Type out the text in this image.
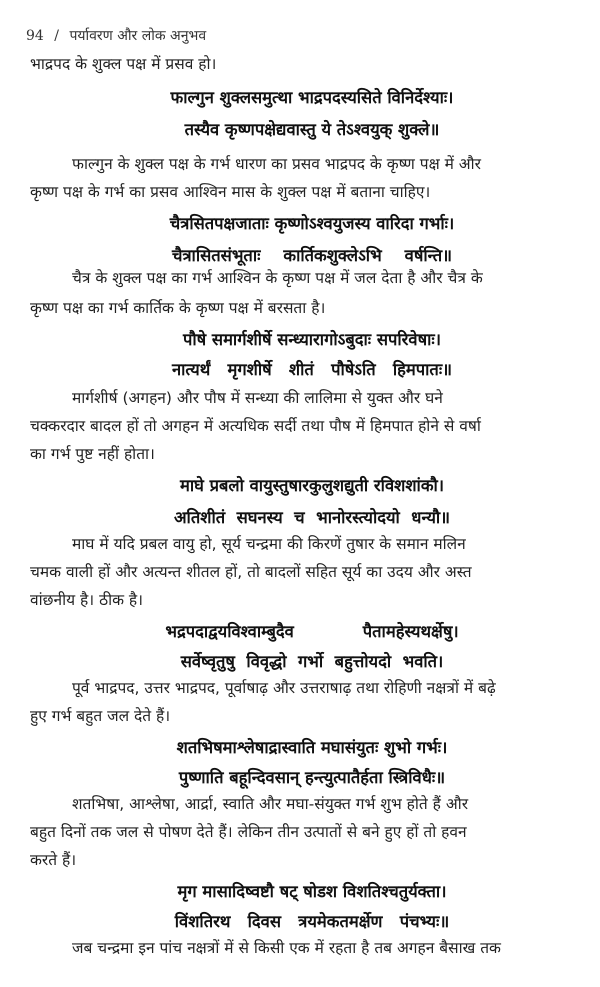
94 / पर्यावरण और लोक अनुभव
भाद्रपद के शुक्ल पक्ष में प्रसव हो।
फाल्गुन शुक्लसमुत्था भाद्रपदस्यसिते विनिर्देश्याः।
तस्यैव कृष्णपक्षेद्यवास्तु ये तेऽश्वयुक् शुक्ले॥
फाल्गुन के शुक्ल पक्ष के गर्भ धारण का प्रसव भाद्रपद के कृष्ण पक्ष में और
कृष्ण पक्ष के गर्भ का प्रसव आश्विन मास के शुक्ल पक्ष में बताना चाहिए।
चैत्रसितपक्षजाताः कृष्णोऽश्वयुजस्य वारिदा गर्भाः।
चैत्रासितसंभूताः    कार्तिकशुक्लेऽभि    वर्षन्ति॥
चैत्र के शुक्ल पक्ष का गर्भ आश्विन के कृष्ण पक्ष में जल देता है और चैत्र के
कृष्ण पक्ष का गर्भ कार्तिक के कृष्ण पक्ष में बरसता है।
पौषे समार्गशीर्षे सन्ध्यारागोऽबुदाः सपरिवेषाः।
नात्यर्थं   मृगशीर्षे   शीतं   पौषेऽति   हिमपातः॥
मार्गशीर्ष (अगहन) और पौष में सन्ध्या की लालिमा से युक्त और घने
चक्करदार बादल हों तो अगहन में अत्यधिक सर्दी तथा पौष में हिमपात होने से वर्षा
का गर्भ पुष्ट नहीं होता।
माघे प्रबलो वायुस्तुषारकुलुशद्युती रविशशांकौ।
अतिशीतं  सघनस्य  च  भानोरस्त्योदयो  धन्यौ॥
माघ में यदि प्रबल वायु हो, सूर्य चन्द्रमा की किरणें तुषार के समान मलिन
चमक वाली हों और अत्यन्त शीतल हों, तो बादलों सहित सूर्य का उदय और अस्त
वांछनीय है। ठीक है।
भद्रपदाद्वयविश्वाम्बुदैव            पैतामहेस्यथर्क्षेषु।
सर्वेष्वृतुषु  विवृद्धो  गर्भो  बहुत्तोयदो  भवति।
पूर्व भाद्रपद, उत्तर भाद्रपद, पूर्वाषाढ़ और उत्तराषाढ़ तथा रोहिणी नक्षत्रों में बढ़े
हुए गर्भ बहुत जल देते हैं।
शतभिषमाश्लेषाद्रास्वाति मघासंयुतः शुभो गर्भः।
पुष्णाति बहून्दिवसान् हन्त्युत्पातैर्हता स्त्रिविधैः॥
शतभिषा, आश्लेषा, आर्द्रा, स्वाति और मघा-संयुक्त गर्भ शुभ होते हैं और
बहुत दिनों तक जल से पोषण देते हैं। लेकिन तीन उत्पातों से बने हुए हों तो हवन
करते हैं।
मृग मासादिष्वष्टौ षट् षोडश विशतिश्चतुर्यक्ता।
विंशतिरथ   दिवस   त्रयमेकतमर्क्षेण   पंचभ्यः॥
जब चन्द्रमा इन पांच नक्षत्रों में से किसी एक में रहता है तब अगहन बैसाख तक
